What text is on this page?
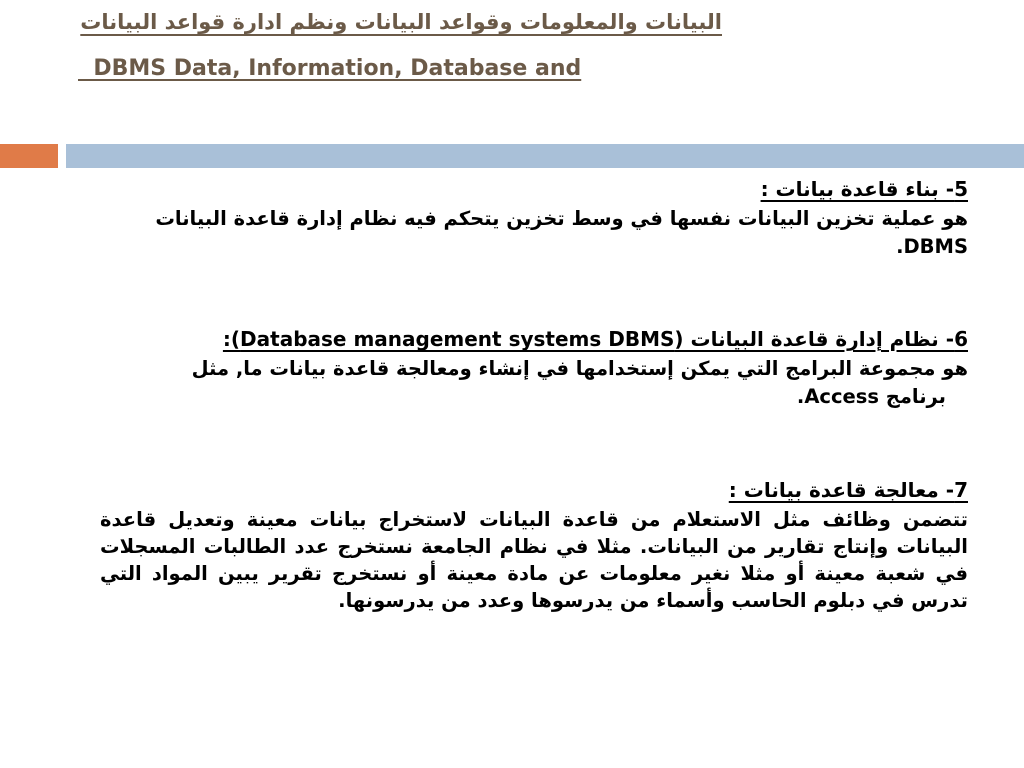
البيانات والمعلومات وقواعد البيانات ونظم ادارة قواعد البيانات
DBMS Data, Information, Database and

5- بناء قاعدة بيانات :

هو عملية تخزين البيانات نفسها في وسط تخزين يتحكم فيه نظام إدارة قاعدة البيانات
DBMS.

6- نظام إدارة قاعدة البيانات (Database management systems DBMS):

هو مجموعة البرامج التي يمكن إستخدامها في إنشاء ومعالجة قاعدة بيانات ما, مثل
برنامج Access.

7- معالجة قاعدة بيانات :

تتضمن وظائف مثل الاستعلام من قاعدة البيانات لاستخراج بيانات معينة وتعديل قاعدة البيانات وإنتاج تقارير من البيانات. مثلا في نظام الجامعة نستخرج عدد الطالبات المسجلات في شعبة معينة أو مثلا نغير معلومات عن مادة معينة أو نستخرج تقرير يبين المواد التي تدرس في دبلوم الحاسب وأسماء من يدرسوها وعدد من يدرسونها.
